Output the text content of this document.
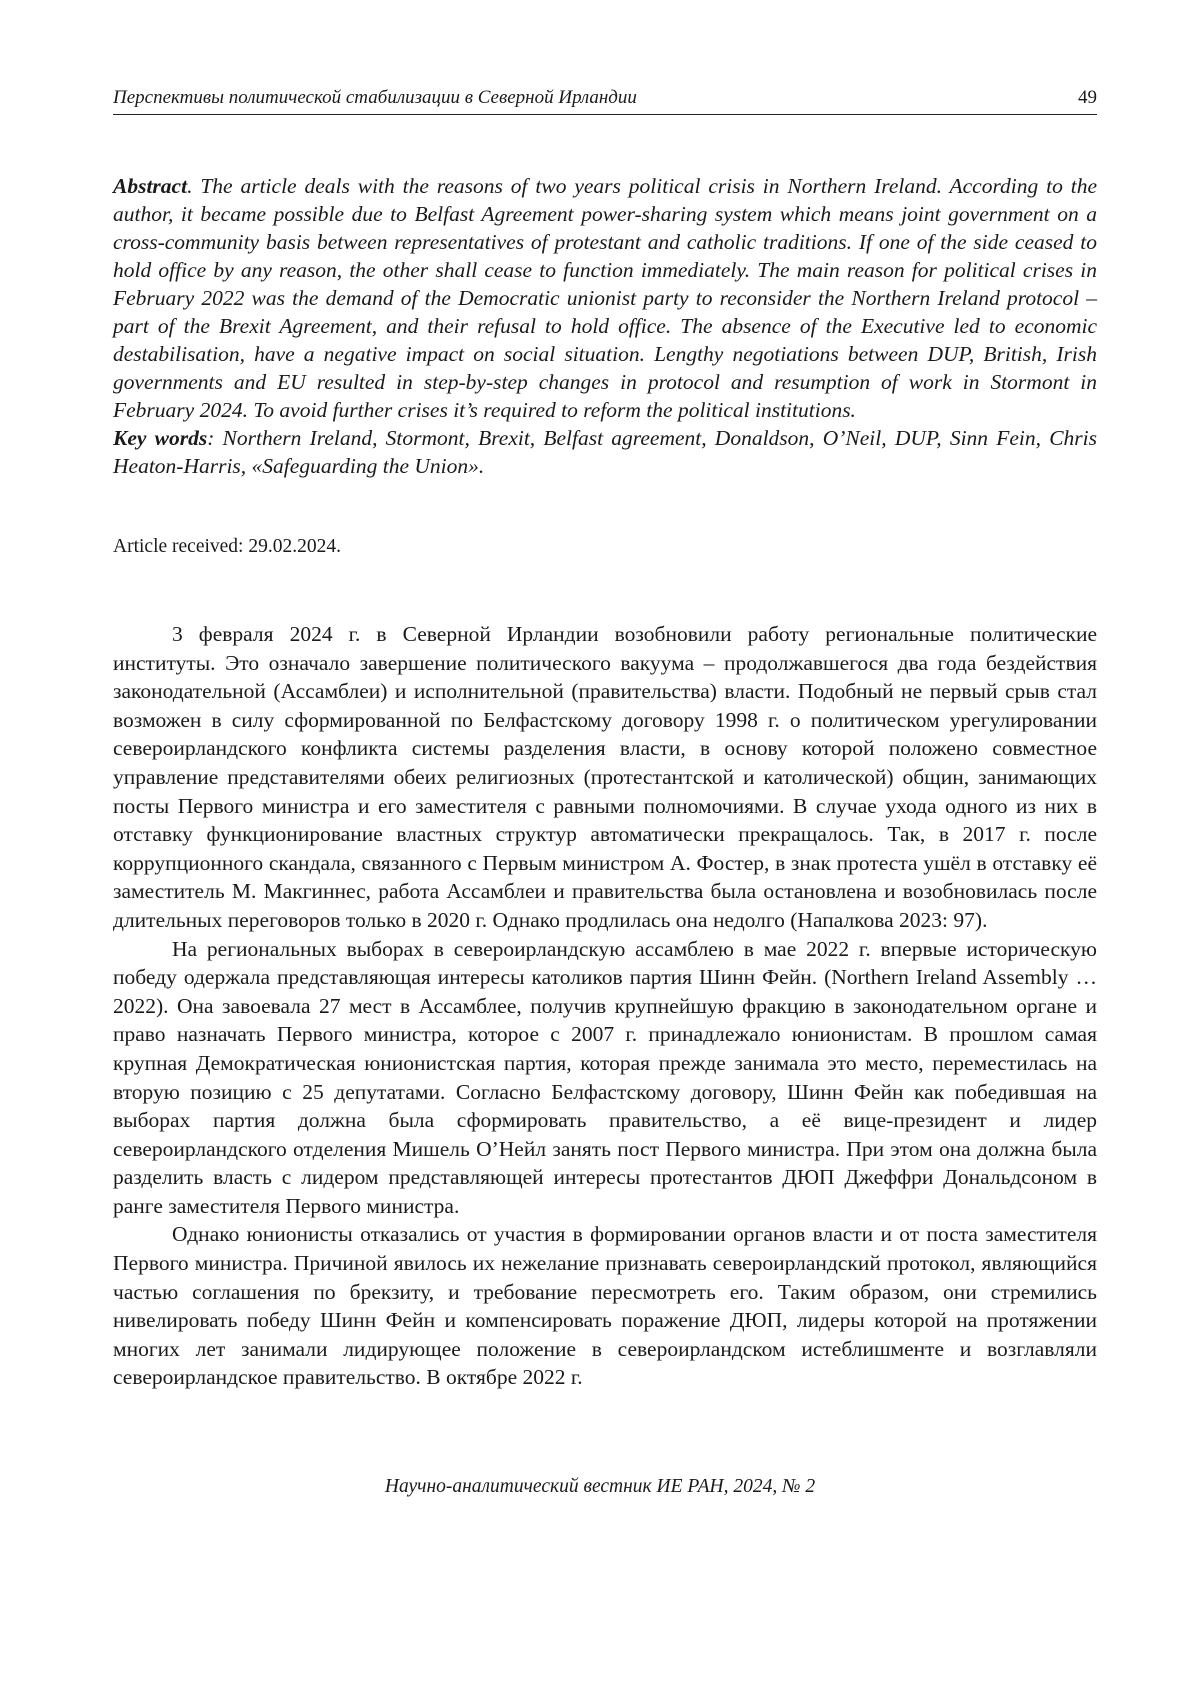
Перспективы политической стабилизации в Северной Ирландии	49

Abstract. The article deals with the reasons of two years political crisis in Northern Ireland. According to the author, it became possible due to Belfast Agreement power-sharing system which means joint government on a cross-community basis between representatives of protestant and catholic traditions. If one of the side ceased to hold office by any reason, the other shall cease to function immediately. The main reason for political crises in February 2022 was the demand of the Democratic unionist party to reconsider the Northern Ireland protocol – part of the Brexit Agreement, and their refusal to hold office. The absence of the Executive led to economic destabilisation, have a negative impact on social situation. Lengthy negotiations between DUP, British, Irish governments and EU resulted in step-by-step changes in protocol and resumption of work in Stormont in February 2024. To avoid further crises it’s required to reform the political institutions.

Key words: Northern Ireland, Stormont, Brexit, Belfast agreement, Donaldson, O’Neil, DUP, Sinn Fein, Chris Heaton-Harris, «Safeguarding the Union».

Article received: 29.02.2024.

3 февраля 2024 г. в Северной Ирландии возобновили работу региональные политические институты. Это означало завершение политического вакуума – продолжавшегося два года бездействия законодательной (Ассамблеи) и исполнительной (правительства) власти. Подобный не первый срыв стал возможен в силу сформированной по Белфастскому договору 1998 г. о политическом урегулировании североирландского конфликта системы разделения власти, в основу которой положено совместное управление представителями обеих религиозных (протестантской и католической) общин, занимающих посты Первого министра и его заместителя с равными полномочиями. В случае ухода одного из них в отставку функционирование властных структур автоматически прекращалось. Так, в 2017 г. после коррупционного скандала, связанного с Первым министром А. Фостер, в знак протеста ушёл в отставку её заместитель М. Макгиннес, работа Ассамблеи и правительства была остановлена и возобновилась после длительных переговоров только в 2020 г. Однако продлилась она недолго (Напалкова 2023: 97).

На региональных выборах в североирландскую ассамблею в мае 2022 г. впервые историческую победу одержала представляющая интересы католиков партия Шинн Фейн. (Northern Ireland Assembly … 2022). Она завоевала 27 мест в Ассамблее, получив крупнейшую фракцию в законодательном органе и право назначать Первого министра, которое с 2007 г. принадлежало юнионистам. В прошлом самая крупная Демократическая юнионистская партия, которая прежде занимала это место, переместилась на вторую позицию с 25 депутатами. Согласно Белфастскому договору, Шинн Фейн как победившая на выборах партия должна была сформировать правительство, а её вице-президент и лидер североирландского отделения Мишель О’Нейл занять пост Первого министра. При этом она должна была разделить власть с лидером представляющей интересы протестантов ДЮП Джеффри Дональдсоном в ранге заместителя Первого министра.

Однако юнионисты отказались от участия в формировании органов власти и от поста заместителя Первого министра. Причиной явилось их нежелание признавать североирландский протокол, являющийся частью соглашения по брекзиту, и требование пересмотреть его. Таким образом, они стремились нивелировать победу Шинн Фейн и компенсировать поражение ДЮП, лидеры которой на протяжении многих лет занимали лидирующее положение в североирландском истеблишменте и возглавляли североирландское правительство. В октябре 2022 г.

Научно-аналитический вестник ИЕ РАН, 2024, № 2
